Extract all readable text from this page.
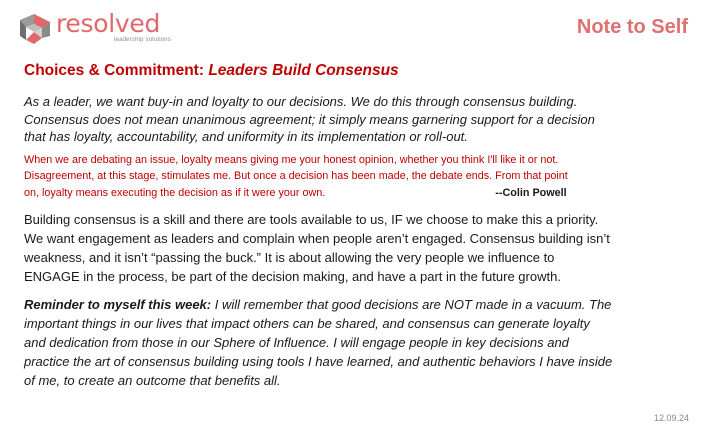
resolved
leadership solutions
Note to Self
Choices & Commitment: Leaders Build Consensus
As a leader, we want buy-in and loyalty to our decisions. We do this through consensus building.
Consensus does not mean unanimous agreement; it simply means garnering support for a decision
that has loyalty, accountability, and uniformity in its implementation or roll-out.
When we are debating an issue, loyalty means giving me your honest opinion, whether you think I'll like it or not.
Disagreement, at this stage, stimulates me. But once a decision has been made, the debate ends. From that point
on, loyalty means executing the decision as if it were your own.	--Colin Powell
Building consensus is a skill and there are tools available to us, IF we choose to make this a priority.
We want engagement as leaders and complain when people aren’t engaged. Consensus building isn’t
weakness, and it isn’t “passing the buck.” It is about allowing the very people we influence to
ENGAGE in the process, be part of the decision making, and have a part in the future growth.
Reminder to myself this week: I will remember that good decisions are NOT made in a vacuum. The
important things in our lives that impact others can be shared, and consensus can generate loyalty
and dedication from those in our Sphere of Influence. I will engage people in key decisions and
practice the art of consensus building using tools I have learned, and authentic behaviors I have inside
of me, to create an outcome that benefits all.
12.09.24
